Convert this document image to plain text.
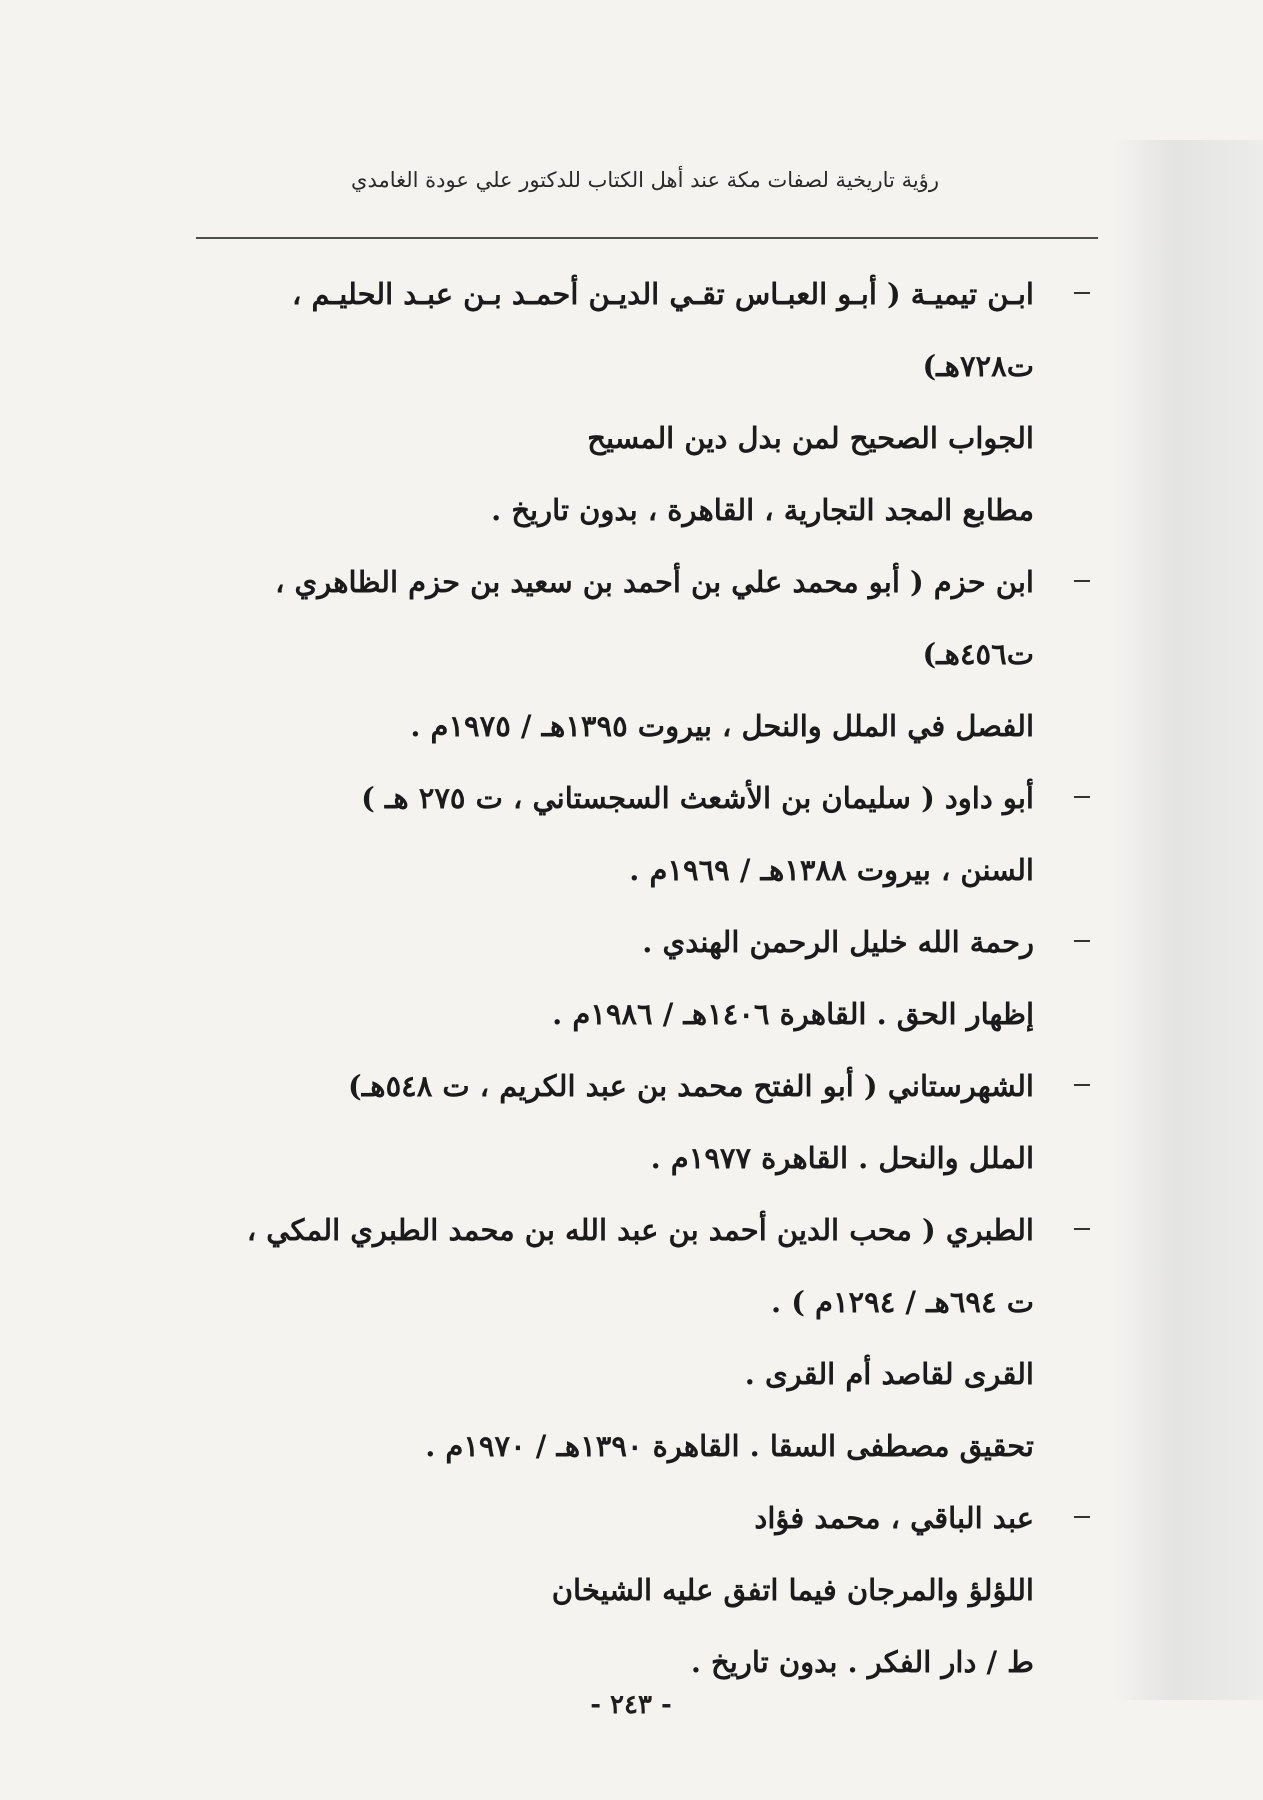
رؤية تاريخية لصفات مكة عند أهل الكتاب للدكتور علي عودة الغامدي
ابـن تيميـة ( أبـو العبـاس تقـي الديـن أحمـد بـن عبـد الحليـم ،
ت٧٢٨هـ)
الجواب الصحيح لمن بدل دين المسيح
مطابع المجد التجارية ، القاهرة ، بدون تاريخ .
ابن حزم ( أبو محمد علي بن أحمد بن سعيد بن حزم الظاهري ،
ت٤٥٦هـ)
الفصل في الملل والنحل ، بيروت ١٣٩٥هـ / ١٩٧٥م .
أبو داود ( سليمان بن الأشعث السجستاني ، ت ٢٧٥ هـ )
السنن ، بيروت ١٣٨٨هـ / ١٩٦٩م .
رحمة الله خليل الرحمن الهندي .
إظهار الحق . القاهرة ١٤٠٦هـ / ١٩٨٦م .
الشهرستاني ( أبو الفتح محمد بن عبد الكريم ، ت ٥٤٨هـ)
الملل والنحل . القاهرة ١٩٧٧م .
الطبري ( محب الدين أحمد بن عبد الله بن محمد الطبري المكي ،
ت ٦٩٤هـ / ١٢٩٤م ) .
القرى لقاصد أم القرى .
تحقيق مصطفى السقا . القاهرة ١٣٩٠هـ / ١٩٧٠م .
عبد الباقي ، محمد فؤاد
اللؤلؤ والمرجان فيما اتفق عليه الشيخان
ط / دار الفكر . بدون تاريخ .
- ٢٤٣ -
